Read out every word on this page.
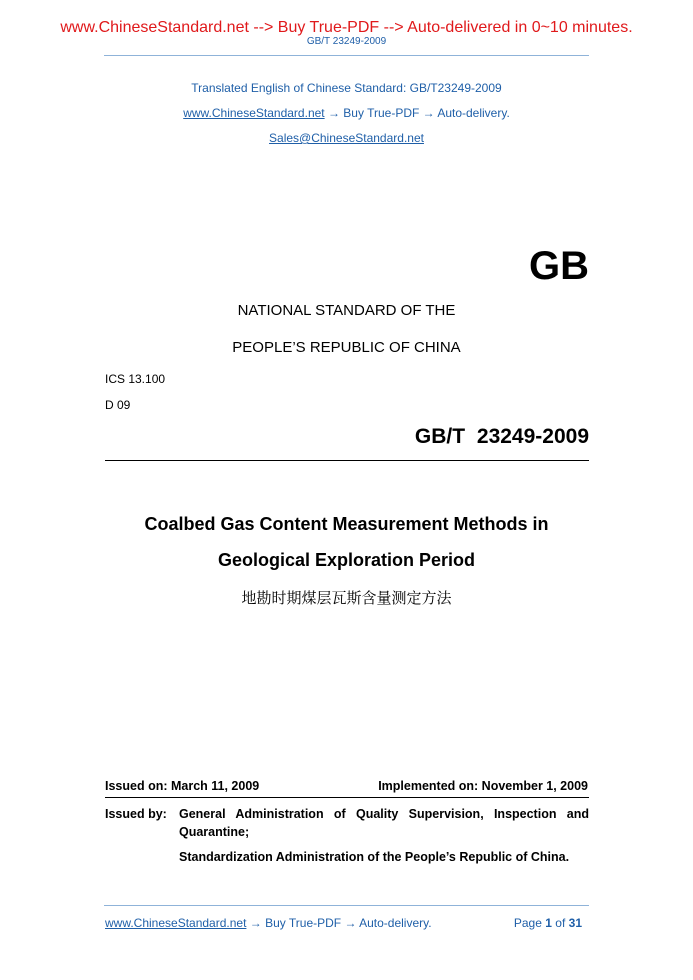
www.ChineseStandard.net --> Buy True-PDF --> Auto-delivered in 0~10 minutes.
GB/T 23249-2009
Translated English of Chinese Standard: GB/T23249-2009
www.ChineseStandard.net → Buy True-PDF → Auto-delivery.
Sales@ChineseStandard.net
GB
NATIONAL STANDARD OF THE
PEOPLE’S REPUBLIC OF CHINA
ICS 13.100
D 09
GB/T 23249-2009
Coalbed Gas Content Measurement Methods in
Geological Exploration Period
地勘时期煤层瓦斯含量测定方法
Issued on: March 11, 2009	Implemented on: November 1, 2009
Issued by: General Administration of Quality Supervision, Inspection and Quarantine;
Standardization Administration of the People’s Republic of China.
www.ChineseStandard.net → Buy True-PDF → Auto-delivery.	Page 1 of 31
